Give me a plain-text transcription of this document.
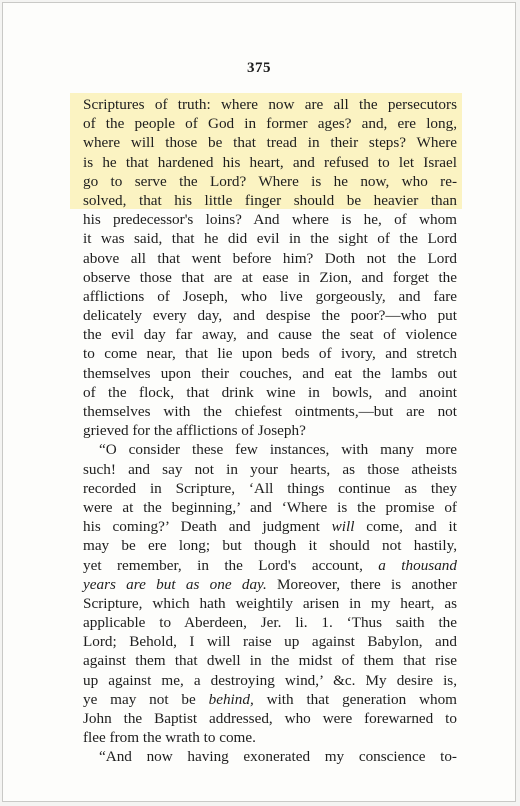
375
Scriptures of truth: where now are all the persecutors
of the people of God in former ages? and, ere long,
where will those be that tread in their steps? Where
is he that hardened his heart, and refused to let Israel
go to serve the Lord? Where is he now, who re-
solved, that his little finger should be heavier than
his predecessor's loins? And where is he, of whom
it was said, that he did evil in the sight of the Lord
above all that went before him? Doth not the Lord
observe those that are at ease in Zion, and forget the
afflictions of Joseph, who live gorgeously, and fare
delicately every day, and despise the poor?—who put
the evil day far away, and cause the seat of violence
to come near, that lie upon beds of ivory, and stretch
themselves upon their couches, and eat the lambs out
of the flock, that drink wine in bowls, and anoint
themselves with the chiefest ointments,—but are not
grieved for the afflictions of Joseph?
“O consider these few instances, with many more
such! and say not in your hearts, as those atheists
recorded in Scripture, ‘All things continue as they
were at the beginning,’ and ‘Where is the promise of
his coming?’ Death and judgment will come, and it
may be ere long; but though it should not hastily,
yet remember, in the Lord's account, a thousand
years are but as one day. Moreover, there is another
Scripture, which hath weightily arisen in my heart, as
applicable to Aberdeen, Jer. li. 1. ‘Thus saith the
Lord; Behold, I will raise up against Babylon, and
against them that dwell in the midst of them that rise
up against me, a destroying wind,’ &c. My desire is,
ye may not be behind, with that generation whom
John the Baptist addressed, who were forewarned to
flee from the wrath to come.
“And now having exonerated my conscience to-
